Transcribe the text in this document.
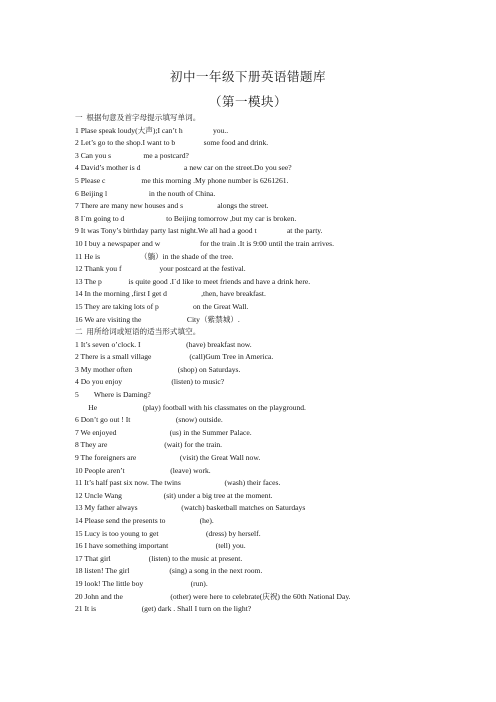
初中一年级下册英语错题库
（第一模块）
一  根据句意及首字母提示填写单词。
1 Plase speak loudy(大声);I can’t h                you..
2 Let’s go to the shop.I want to b               some food and drink.
3 Can you s                 me a postcard?
4 David’s mother is d                       a new car on the street.Do you see?
5 Please c                   me this morning .My phone number is 6261261.
6 Beijing l                      in the nouth of China.
7 There are many new houses and s                  alongs the street.
8 I`m going to d                      to Beijing tomorrow ,but my car is broken.
9 It was Tony’s birthday party last night.We all had a good t                at the party.
10 I buy a newspaper and w                     for the train .It is 9:00 until the train arrives.
11 He is                     （躺）in the shade of the tree.
12 Thank you f                    your postcard at the festival.
13 The p              is quite good .I`d like to meet friends and have a drink here.
14 In the morning ,first I get d                  ,then, have breakfast.
15 They are taking lots of p                  on the Great Wall.
16 We are visiting the                        City（紫禁城）.
二  用所给词或短语的适当形式填空。
1 It’s seven o’clock. I                        (have) breakfast now.
2 There is a small village                    (call)Gum Tree in America.
3 My mother often                        (shop) on Saturdays.
4 Do you enjoy                          (listen) to music?
5        Where is Daming?
He                        (play) football with his classmates on the playground.
6 Don’t go out ! It                        (snow) outside.
7 We enjoyed                            (us) in the Summer Palace.
8 They are                              (wait) for the train.
9 The foreigners are                       (visit) the Great Wall now.
10 People aren’t                        (leave) work.
11 It’s half past six now. The twins                       (wash) their faces.
12 Uncle Wang                      (sit) under a big tree at the moment.
13 My father always                       (watch) basketball matches on Saturdays
14 Please send the presents to                  (he).
15 Lucy is too young to get                         (dress) by herself.
16 I have something important                         (tell) you.
17 That girl                    (listen) to the music at present.
18 listen! The girl                     (sing) a song in the next room.
19 look! The little boy                         (run).
20 John and the                         (other) were here to celebrate(庆祝) the 60th National Day.
21 It is                        (get) dark . Shall I turn on the light?
